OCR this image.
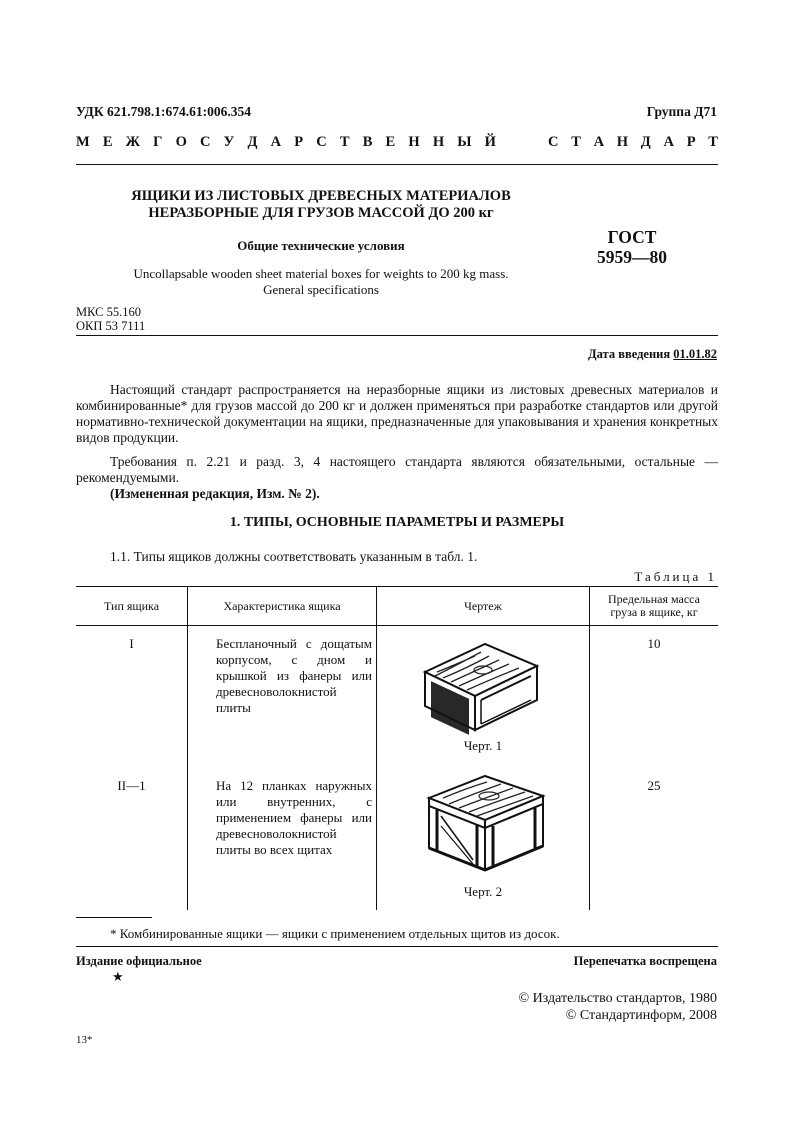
УДК 621.798.1:674.61:006.354	Группа Д71
М Е Ж Г О С У Д А Р С Т В Е Н Н Ы Й	С Т А Н Д А Р Т
ЯЩИКИ ИЗ ЛИСТОВЫХ ДРЕВЕСНЫХ МАТЕРИАЛОВ
НЕРАЗБОРНЫЕ ДЛЯ ГРУЗОВ МАССОЙ ДО 200 кг
Общие технические условия
Uncollapsable wooden sheet material boxes for weights to 200 kg mass.
General specifications
ГОСТ
5959—80
МКС 55.160
ОКП 53 7111
Дата введения 01.01.82
Настоящий стандарт распространяется на неразборные ящики из листовых древесных материалов и комбинированные* для грузов массой до 200 кг и должен применяться при разработке стандартов или другой нормативно-технической документации на ящики, предназначенные для упаковывания и хранения конкретных видов продукции.
Требования п. 2.21 и разд. 3, 4 настоящего стандарта являются обязательными, остальные — рекомендуемыми.
(Измененная редакция, Изм. № 2).
1. ТИПЫ, ОСНОВНЫЕ ПАРАМЕТРЫ И РАЗМЕРЫ
1.1. Типы ящиков должны соответствовать указанным в табл. 1.
Таблица 1
Тип ящика	Характеристика ящика	Чертеж	Предельная масса груза в ящике, кг
I	Беспланочный с дощатым корпусом, с дном и крышкой из фанеры или древесноволокнистой плиты	Черт. 1	10
II—1	На 12 планках наружных или внутренних, с применением фанеры или древесноволокнистой плиты во всех щитах	Черт. 2	25
* Комбинированные ящики — ящики с применением отдельных щитов из досок.
Издание официальное
★
Перепечатка воспрещена
© Издательство стандартов, 1980
© Стандартинформ, 2008
13*
